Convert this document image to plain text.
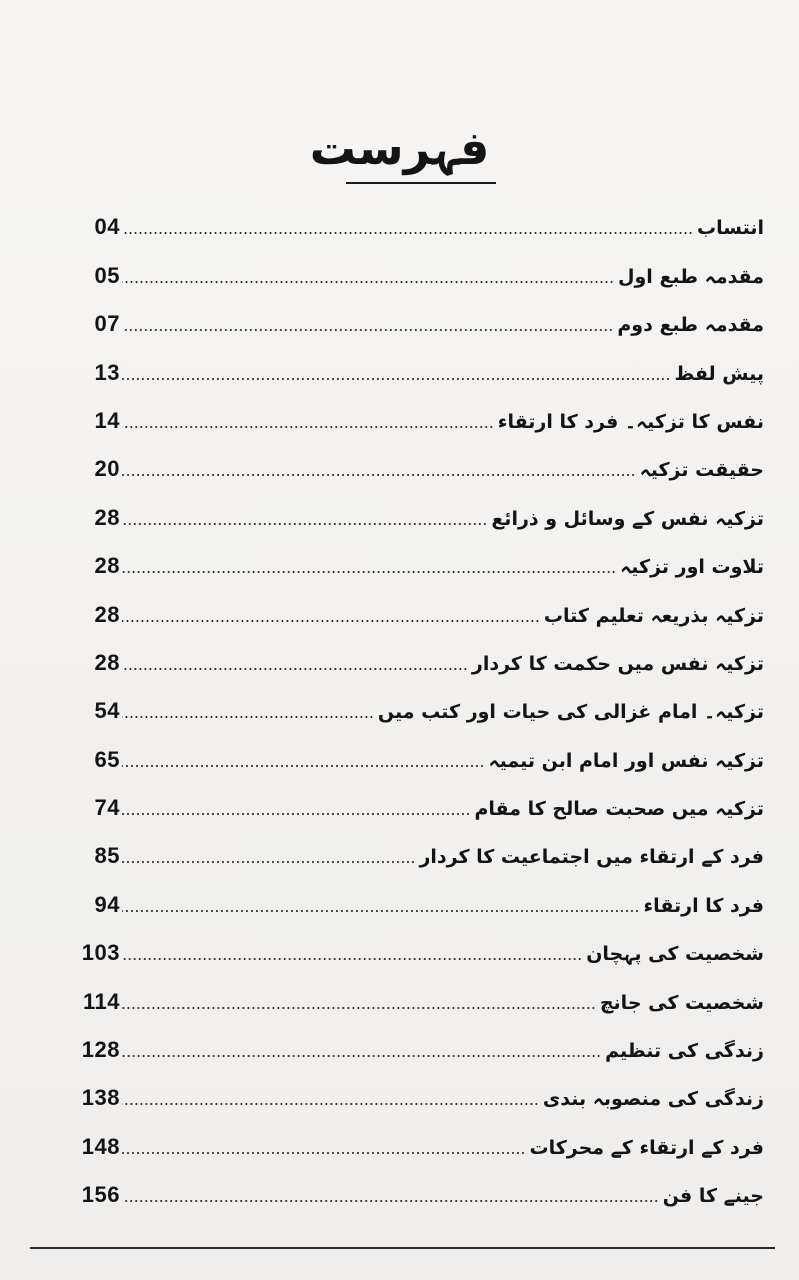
فہرست
04	انتساب
05	مقدمہ طبع اول
07	مقدمہ طبع دوم
13	پیش لفظ
14	نفس کا تزکیہ۔ فرد کا ارتقاء
20	حقیقت تزکیہ
28	تزکیہ نفس کے وسائل و ذرائع
28	تلاوت اور تزکیہ
28	تزکیہ بذریعہ تعلیم کتاب
28	تزکیہ نفس میں حکمت کا کردار
54	تزکیہ۔ امام غزالی کی حیات اور کتب میں
65	تزکیہ نفس اور امام ابن تیمیہ
74	تزکیہ میں صحبت صالح کا مقام
85	فرد کے ارتقاء میں اجتماعیت کا کردار
94	فرد کا ارتقاء
103	شخصیت کی پہچان
114	شخصیت کی جانچ
128	زندگی کی تنظیم
138	زندگی کی منصوبہ بندی
148	فرد کے ارتقاء کے محرکات
156	جینے کا فن
